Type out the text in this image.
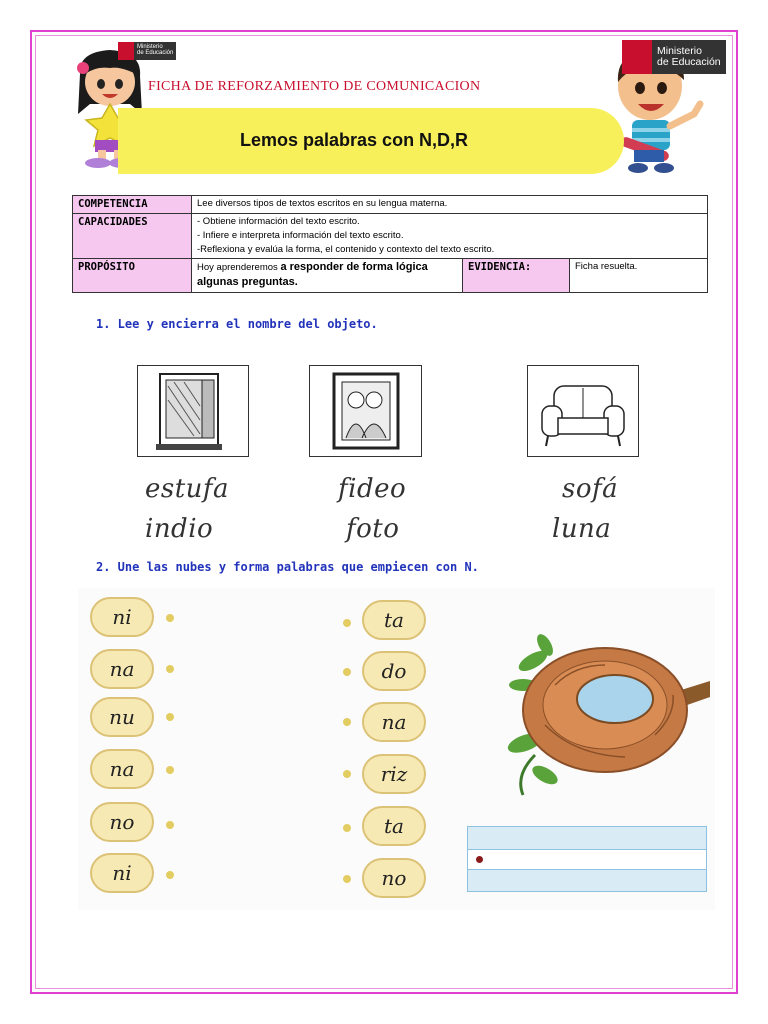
Ministerio
de Educación	Ministerio
de Educación
FICHA DE REFORZAMIENTO DE COMUNICACION
Lemos palabras con N,D,R
COMPETENCIA	Lee diversos tipos de textos escritos en su lengua materna.		
CAPACIDADES	- Obtiene información del texto escrito.
- Infiere e interpreta información del texto escrito.
-Reflexiona y evalúa la forma, el contenido y contexto del texto escrito.		

PROPÓSITO	Hoy aprenderemos a responder de forma lógica algunas preguntas.	EVIDENCIA:	Ficha resuelta.
1. Lee y encierra el nombre del objeto.
estufa
indio
fideo
foto
sofá
luna
2. Une las nubes y forma palabras que empiecen con N.
ni
na
nu
na
no
ni
ta
do
na
riz
ta
no
